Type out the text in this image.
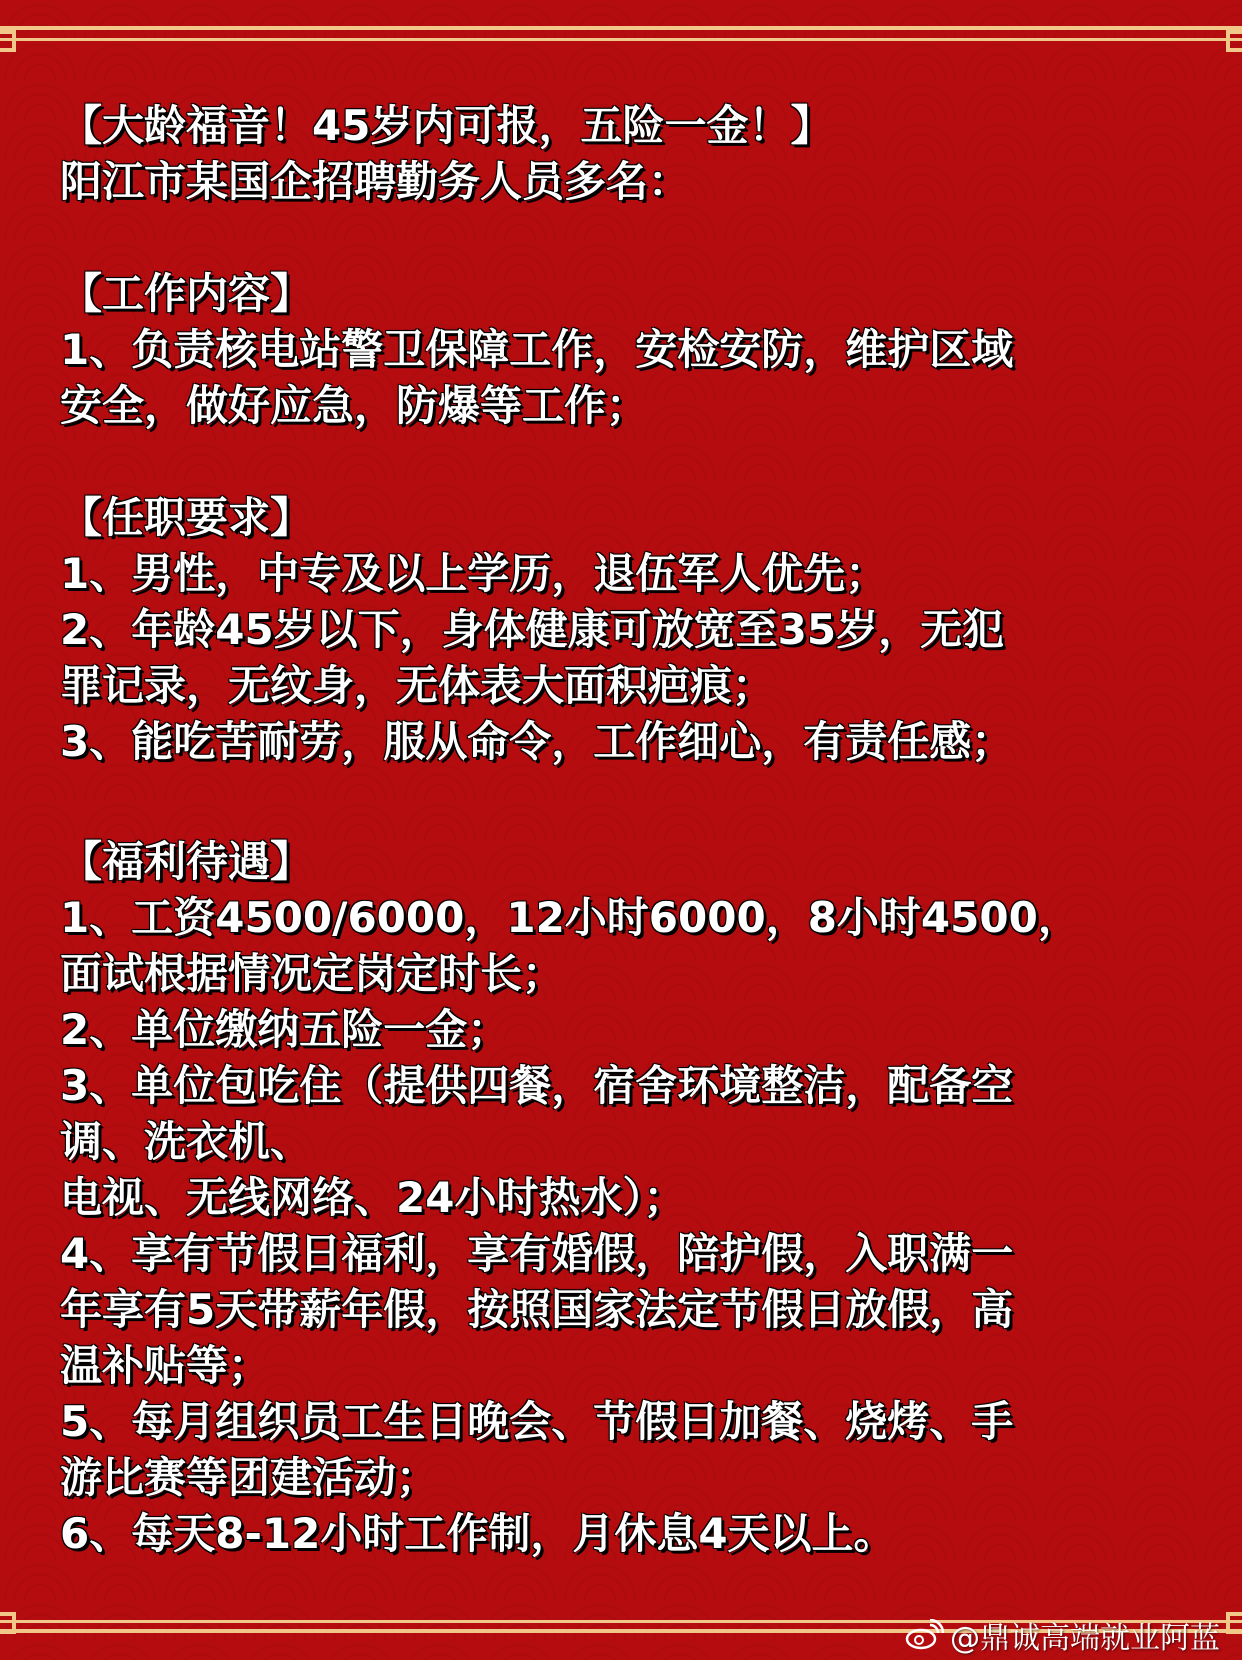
【大龄福音！45岁内可报，五险一金！】
阳江市某国企招聘勤务人员多名：
【工作内容】
1、负责核电站警卫保障工作，安检安防，维护区域
安全，做好应急，防爆等工作；
【任职要求】
1、男性，中专及以上学历，退伍军人优先；
2、年龄45岁以下，身体健康可放宽至35岁，无犯
罪记录，无纹身，无体表大面积疤痕；
3、能吃苦耐劳，服从命令，工作细心，有责任感；
【福利待遇】
1、工资4500/6000，12小时6000，8小时4500，
面试根据情况定岗定时长；
2、单位缴纳五险一金；
3、单位包吃住（提供四餐，宿舍环境整洁，配备空
调、洗衣机、
电视、无线网络、24小时热水）；
4、享有节假日福利，享有婚假，陪护假，入职满一
年享有5天带薪年假，按照国家法定节假日放假，高
温补贴等；
5、每月组织员工生日晚会、节假日加餐、烧烤、手
游比赛等团建活动；
6、每天8-12小时工作制，月休息4天以上。
@鼎诚高端就业阿蓝
